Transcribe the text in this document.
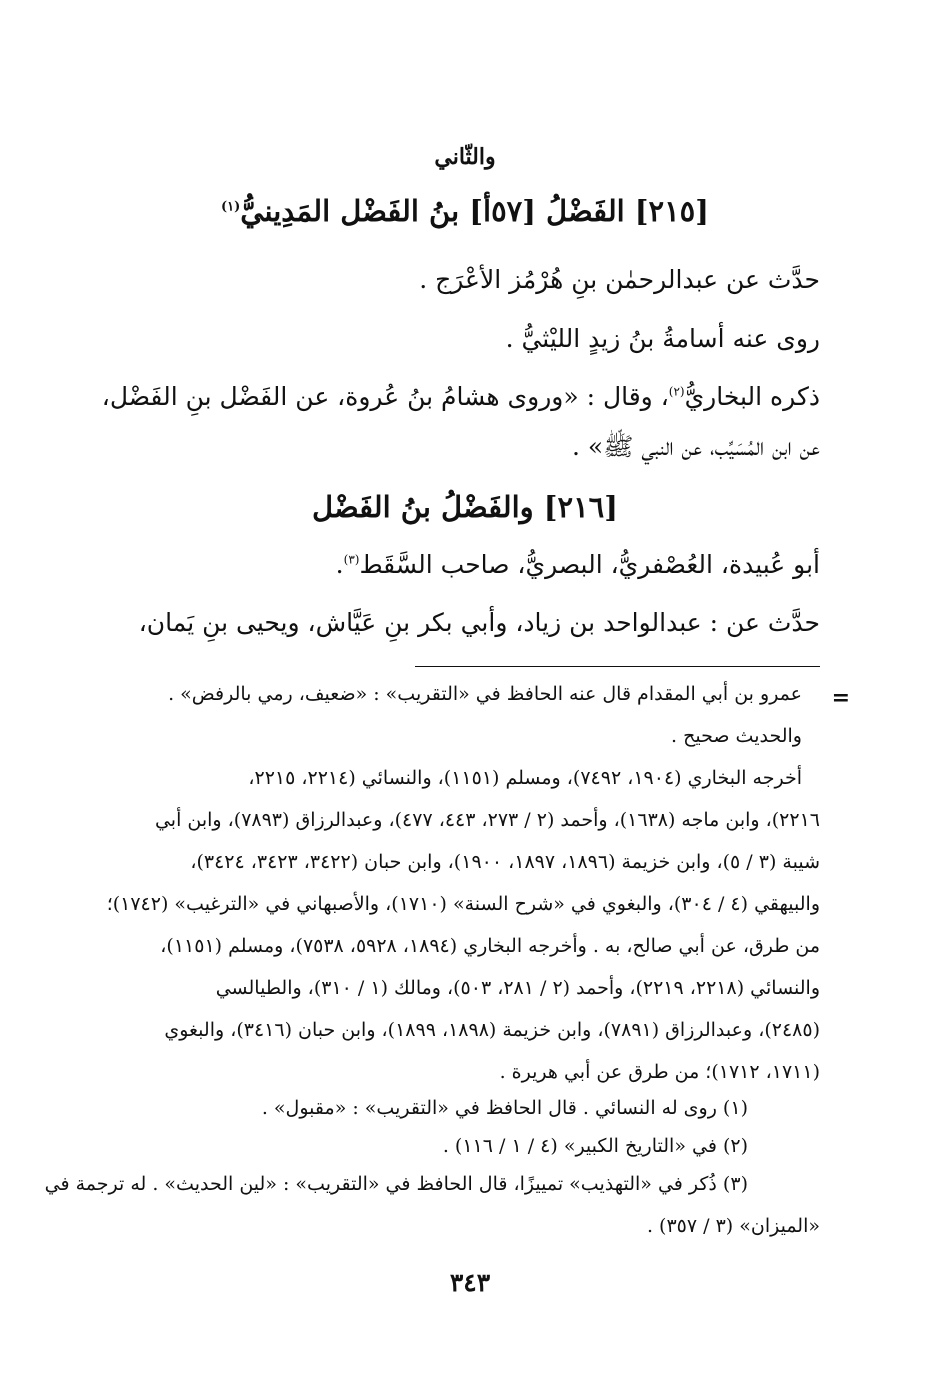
والثّاني
[٢١٥] الفَضْلُ [٥٧أ] بنُ الفَضْل المَدِينيُّ$^{(١)}$
حدَّث عن عبدالرحمٰن بنِ هُرْمُز الأعْرَج .
روى عنه أسامةُ بنُ زيدٍ الليْثيُّ .
ذكره البخاريُّ$^{(٢)}$، وقال : «وروى هشامُ بنُ عُروة، عن الفَضْل بنِ الفَضْل،
عن ابن المُسَيِّب، عن النبي ﷺ» .
[٢١٦] والفَضْلُ بنُ الفَضْل
أبو عُبيدة، العُصْفريُّ، البصريُّ، صاحب السَّقَط$^{(٣)}$.
حدَّث عن : عبدالواحد بن زياد، وأبي بكر بنِ عَيَّاش، ويحيى بنِ يَمان،
=
عمرو بن أبي المقدام قال عنه الحافظ في «التقريب» : «ضعيف، رمي بالرفض» .
والحديث صحيح .
أخرجه البخاري (١٩٠٤، ٧٤٩٢)، ومسلم (١١٥١)، والنسائي (٢٢١٤، ٢٢١٥،
٢٢١٦)، وابن ماجه (١٦٣٨)، وأحمد (٢ / ٢٧٣، ٤٤٣، ٤٧٧)، وعبدالرزاق (٧٨٩٣)، وابن أبي
شيبة (٣ / ٥)، وابن خزيمة (١٨٩٦، ١٨٩٧، ١٩٠٠)، وابن حبان (٣٤٢٢، ٣٤٢٣، ٣٤٢٤)،
والبيهقي (٤ / ٣٠٤)، والبغوي في «شرح السنة» (١٧١٠)، والأصبهاني في «الترغيب» (١٧٤٢)؛
من طرق، عن أبي صالح، به . وأخرجه البخاري (١٨٩٤، ٥٩٢٨، ٧٥٣٨)، ومسلم (١١٥١)،
والنسائي (٢٢١٨، ٢٢١٩)، وأحمد (٢ / ٢٨١، ٥٠٣)، ومالك (١ / ٣١٠)، والطيالسي
(٢٤٨٥)، وعبدالرزاق (٧٨٩١)، وابن خزيمة (١٨٩٨، ١٨٩٩)، وابن حبان (٣٤١٦)، والبغوي
(١٧١١، ١٧١٢)؛ من طرق عن أبي هريرة .
(١) روى له النسائي . قال الحافظ في «التقريب» : «مقبول» .
(٢) في «التاريخ الكبير» (٤ / ١ / ١١٦) .
(٣) ذُكر في «التهذيب» تمييزًا، قال الحافظ في «التقريب» : «لين الحديث» . له ترجمة في
«الميزان» (٣ / ٣٥٧) .
٣٤٣
